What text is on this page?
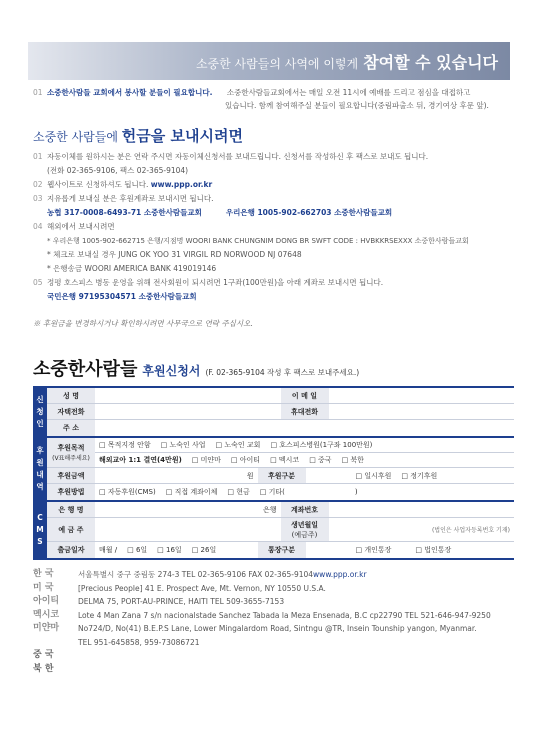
소중한 사람들의 사역에 이렇게 참여할 수 있습니다
01 소중한사람들 교회에서 봉사할 분들이 필요합니다. 소중한사람들교회에서는 매일 오전 11시에 예배를 드리고 점심을 대접하고
있습니다. 함께 참여해주실 분들이 필요합니다(중림파출소 뒤, 경기여상 후문 앞).
소중한 사람들에 헌금을 보내시려면
01 자동이체를 원하시는 분은 연락 주시면 자동이체신청서를 보내드립니다. 신청서를 작성하신 후 팩스로 보내도 됩니다.
(전화 02-365-9106, 팩스 02-365-9104)
02 웹사이트로 신청하셔도 됩니다. www.ppp.or.kr
03 지유롭게 보내실 분은 후원계좌로 보내시면 됩니다.
농협 317-0008-6493-71 소중한사람들교회	우리은행 1005-902-662703 소중한사람들교회
04 해외에서 보내시려면
* 우리은행 1005-902-662715 은행/지점명 WOORI BANK CHUNGNIM DONG BR SWFT CODE : HVBKKRSEXXX 소중한사람들교회
* 체크로 보내실 경우 JUNG OK YOO 31 VIRGIL RD NORWOOD NJ 07648
* 은행송금 WOORI AMERICA BANK 419019146
05 정평 호스피스 병동 운영을 위해 전사회원이 되시려면 1구좌(100만원)을 아래 계좌로 보내시면 됩니다.
국민은행 97195304571 소중한사람들교회
※ 후원금을 변경하시거나 확인하시려면 사무국으로 연락 주십시오.
소중한사람들 후원신청서 (F. 02-365-9104 작성 후 팩스로 보내주세요.)
신
청
인
성 명	이 메 일
자택전화	휴대전화
주 소
후
원
내
역
후원목적
(V표해주세요)
□ 목적지정 안함	□ 노숙인 사업	□ 노숙인 교회	□ 호스피스병원(1구좌 100만원)
해외교아 1:1 결연(4만원)	□ 미얀마	□ 아이티	□ 멕시코	□ 중국	□ 북한
후원금액	원	후원구분	□ 일시후원	□ 정기후원
후원방법	□ 자동후원(CMS)	□ 직접 계좌이체	□ 현금	□ 기타(	)
C
M
S
은 행 명	은행	계좌번호
예 금 주
생년월일
(예금주)	(법인은 사업자등록번호 기재)
출금일자	매월 /	□ 6일	□ 16일	□ 26일	통장구분	□ 개인통장	□ 법인통장
한 국	서울특별시 중구 중림동 274-3 TEL 02-365-9106 FAX 02-365-9104 www.ppp.or.kr
미 국	[Precious People] 41 E. Prospect Ave, Mt. Vernon, NY 10550 U.S.A.
아이티	DELMA 75, PORT-AU-PRINCE, HAITI TEL 509-3655-7153
멕시코	Lote 4 Man Zana 7 s/n nacionalstade Sanchez Tabada la Meza Ensenada, B.C cp22790 TEL 521-646-947-9250
미얀마	No724/D, No(41) B.E.P.S Lane, Lower Mingalardom Road, Sintngu @TR, Insein Tounship yangon, Myanmar.
TEL 951-645858, 959-73086721
중 국
북 한
